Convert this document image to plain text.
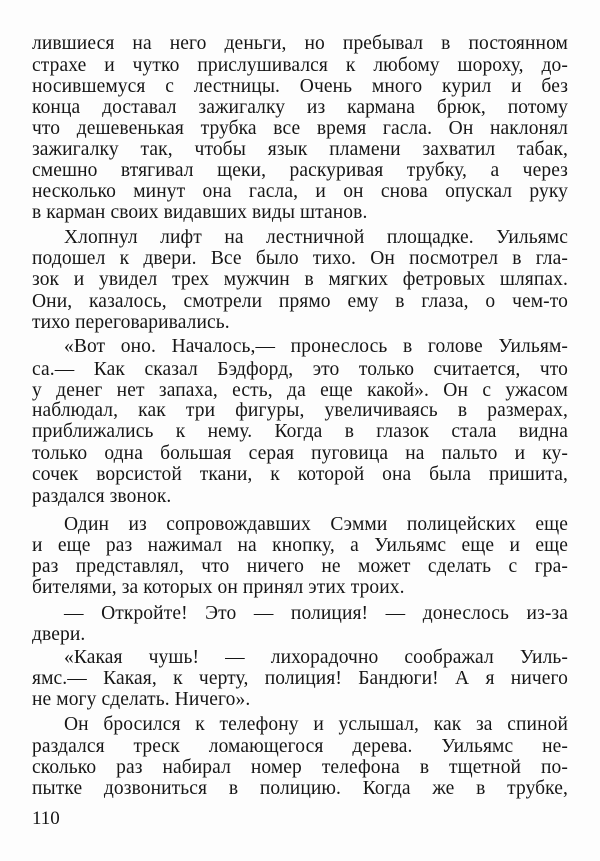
лившиеся на него деньги, но пребывал в постоянном
страхе и чутко прислушивался к любому шороху, до-
носившемуся с лестницы. Очень много курил и без
конца доставал зажигалку из кармана брюк, потому
что дешевенькая трубка все время гасла. Он наклонял
зажигалку так, чтобы язык пламени захватил табак,
смешно втягивал щеки, раскуривая трубку, а через
несколько минут она гасла, и он снова опускал руку
в карман своих видавших виды штанов.
Хлопнул лифт на лестничной площадке. Уильямс
подошел к двери. Все было тихо. Он посмотрел в гла-
зок и увидел трех мужчин в мягких фетровых шляпах.
Они, казалось, смотрели прямо ему в глаза, о чем-то
тихо переговаривались.
«Вот оно. Началось,— пронеслось в голове Уильям-
са.— Как сказал Бэдфорд, это только считается, что
у денег нет запаха, есть, да еще какой». Он с ужасом
наблюдал, как три фигуры, увеличиваясь в размерах,
приближались к нему. Когда в глазок стала видна
только одна большая серая пуговица на пальто и ку-
сочек ворсистой ткани, к которой она была пришита,
раздался звонок.
Один из сопровождавших Сэмми полицейских еще
и еще раз нажимал на кнопку, а Уильямс еще и еще
раз представлял, что ничего не может сделать с гра-
бителями, за которых он принял этих троих.
— Откройте! Это — полиция! — донеслось из-за
двери.
«Какая чушь! — лихорадочно соображал Уиль-
ямс.— Какая, к черту, полиция! Бандюги! А я ничего
не могу сделать. Ничего».
Он бросился к телефону и услышал, как за спиной
раздался треск ломающегося дерева. Уильямс не-
сколько раз набирал номер телефона в тщетной по-
пытке дозвониться в полицию. Когда же в трубке,
110
